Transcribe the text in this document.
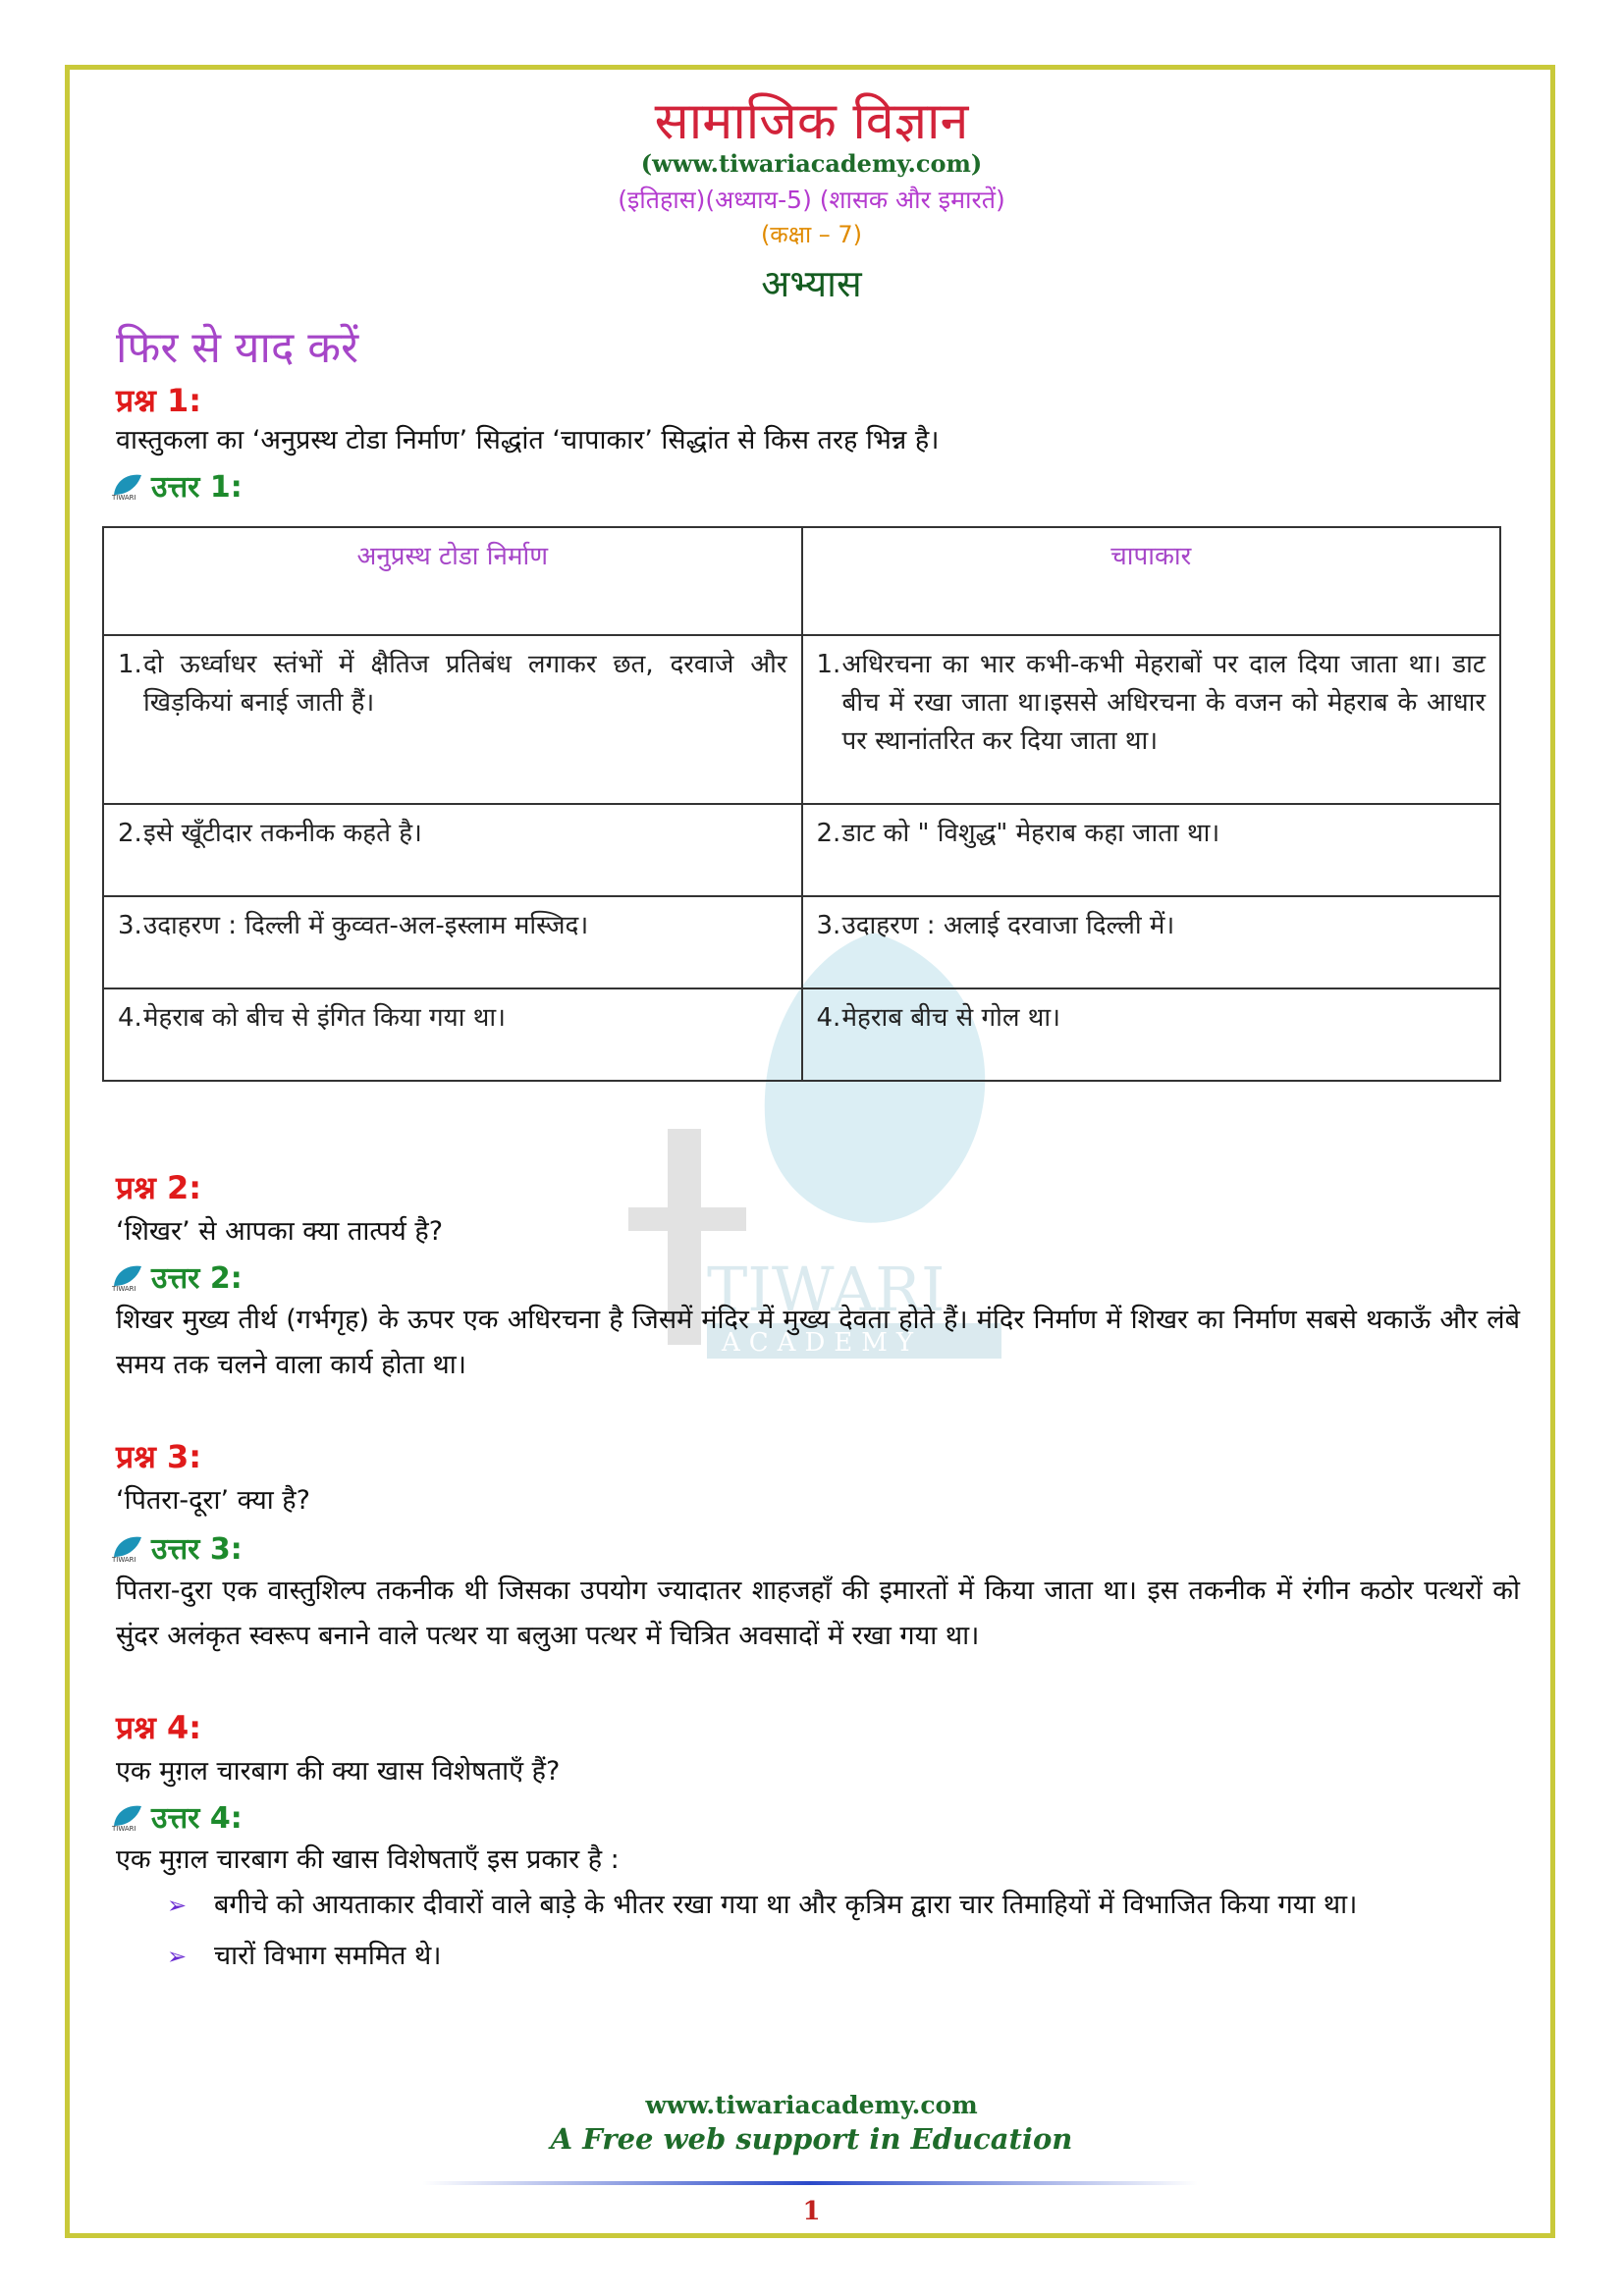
TIWARI
ACADEMY
सामाजिक विज्ञान
(www.tiwariacademy.com)
(इतिहास)(अध्याय-5) (शासक और इमारतें)
(कक्षा – 7)
अभ्यास
फिर से याद करें
प्रश्न 1:
वास्तुकला का ‘अनुप्रस्थ टोडा निर्माण’ सिद्धांत ‘चापाकार’ सिद्धांत से किस तरह भिन्न है।
TIWARI उत्तर 1:
अनुप्रस्थ टोडा निर्माण	चापाकार

1. दो ऊर्ध्वाधर स्तंभों में क्षैतिज प्रतिबंध लगाकर छत, दरवाजे और खिड़कियां बनाई जाती हैं।	1. अधिरचना का भार कभी-कभी मेहराबों पर दाल दिया जाता था। डाट बीच में रखा जाता था।इससे अधिरचना के वजन को मेहराब के आधार पर स्थानांतरित कर दिया जाता था।

2. इसे खूँटीदार तकनीक कहते है।	2. डाट को " विशुद्ध" मेहराब कहा जाता था।

3. उदाहरण : दिल्ली में कुव्वत-अल-इस्लाम मस्जिद।	3. उदाहरण : अलाई दरवाजा दिल्ली में।

4. मेहराब को बीच से इंगित किया गया था।	4. मेहराब बीच से गोल था।
प्रश्न 2:
‘शिखर’ से आपका क्या तात्पर्य है?
TIWARI उत्तर 2:
शिखर मुख्य तीर्थ (गर्भगृह) के ऊपर एक अधिरचना है जिसमें मंदिर में मुख्य देवता होते हैं। मंदिर निर्माण में शिखर का निर्माण सबसे थकाऊँ और लंबे समय तक चलने वाला कार्य होता था।
प्रश्न 3:
‘पितरा-दूरा’ क्या है?
TIWARI उत्तर 3:
पितरा-दुरा एक वास्तुशिल्प तकनीक थी जिसका उपयोग ज्यादातर शाहजहाँ की इमारतों में किया जाता था। इस तकनीक में रंगीन कठोर पत्थरों को सुंदर अलंकृत स्वरूप बनाने वाले पत्थर या बलुआ पत्थर में चित्रित अवसादों में रखा गया था।
प्रश्न 4:
एक मुग़ल चारबाग की क्या खास विशेषताएँ हैं?
TIWARI उत्तर 4:
एक मुग़ल चारबाग की खास विशेषताएँ इस प्रकार है :
➢	बगीचे को आयताकार दीवारों वाले बाड़े के भीतर रखा गया था और कृत्रिम द्वारा चार तिमाहियों में विभाजित किया गया था।
➢	चारों विभाग सममित थे।
www.tiwariacademy.com
A Free web support in Education
1
